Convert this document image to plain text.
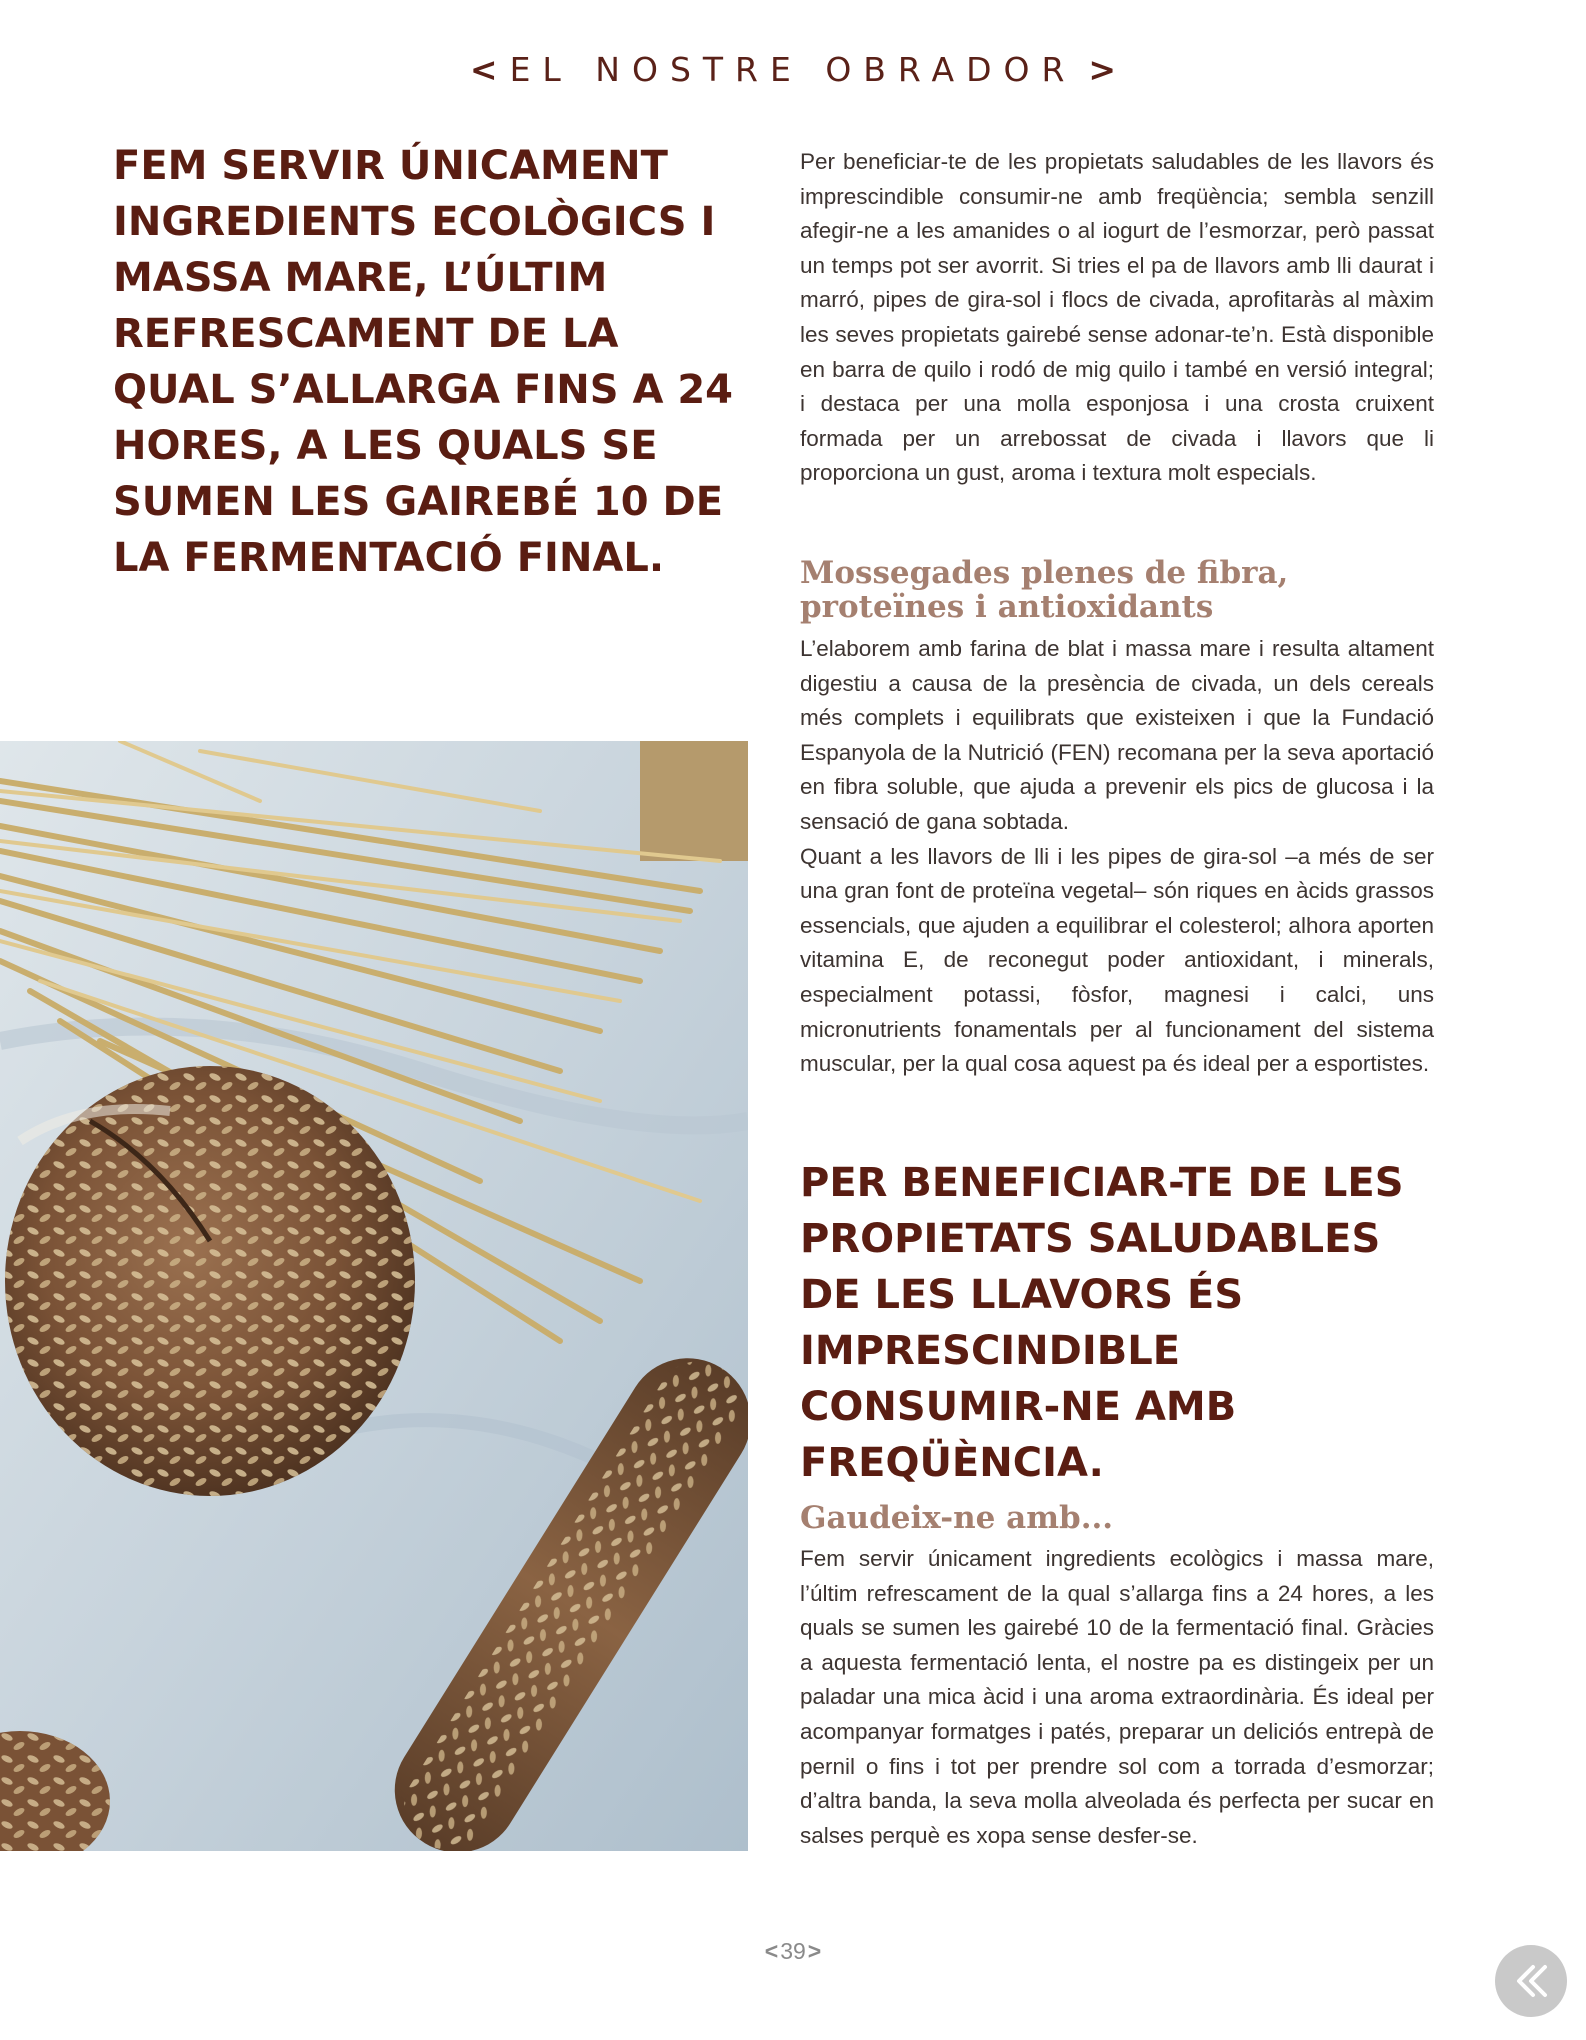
< EL NOSTRE OBRADOR >

FEM SERVIR ÚNICAMENT INGREDIENTS ECOLÒGICS I MASSA MARE, L’ÚLTIM REFRESCAMENT DE LA QUAL S’ALLARGA FINS A 24 HORES, A LES QUALS SE SUMEN LES GAIREBÉ 10 DE LA FERMENTACIÓ FINAL.

Per beneficiar-te de les propietats saludables de les llavors és imprescindible consumir-ne amb freqüència; sembla senzill afegir-ne a les amanides o al iogurt de l’esmorzar, però passat un temps pot ser avorrit. Si tries el pa de llavors amb lli daurat i marró, pipes de gira-sol i flocs de civada, aprofitaràs al màxim les seves propietats gairebé sense adonar-te’n. Està disponible en barra de quilo i rodó de mig quilo i també en versió integral; i destaca per una molla esponjosa i una crosta cruixent formada per un arrebossat de civada i llavors que li proporciona un gust, aroma i textura molt especials.

Mossegades plenes de fibra, proteïnes i antioxidants
L’elaborem amb farina de blat i massa mare i resulta altament digestiu a causa de la presència de civada, un dels cereals més complets i equilibrats que existeixen i que la Fundació Espanyola de la Nutrició (FEN) recomana per la seva aportació en fibra soluble, que ajuda a prevenir els pics de glucosa i la sensació de gana sobtada.
Quant a les llavors de lli i les pipes de gira-sol –a més de ser una gran font de proteïna vegetal– són riques en àcids grassos essencials, que ajuden a equilibrar el colesterol; alhora aporten vitamina E, de reconegut poder antioxidant, i minerals, especialment potassi, fòsfor, magnesi i calci, uns micronutrients fonamentals per al funcionament del sistema muscular, per la qual cosa aquest pa és ideal per a esportistes.

PER BENEFICIAR-TE DE LES PROPIETATS SALUDABLES DE LES LLAVORS ÉS IMPRESCINDIBLE CONSUMIR-NE AMB FREQÜÈNCIA.

Gaudeix-ne amb...

Fem servir únicament ingredients ecològics i massa mare, l’últim refrescament de la qual s’allarga fins a 24 hores, a les quals se sumen les gairebé 10 de la fermentació final. Gràcies a aquesta fermentació lenta, el nostre pa es distingeix per un paladar una mica àcid i una aroma extraordinària. És ideal per acompanyar formatges i patés, preparar un deliciós entrepà de pernil o fins i tot per prendre sol com a torrada d’esmorzar; d’altra banda, la seva molla alveolada és perfecta per sucar en salses perquè es xopa sense desfer-se.

<39>
